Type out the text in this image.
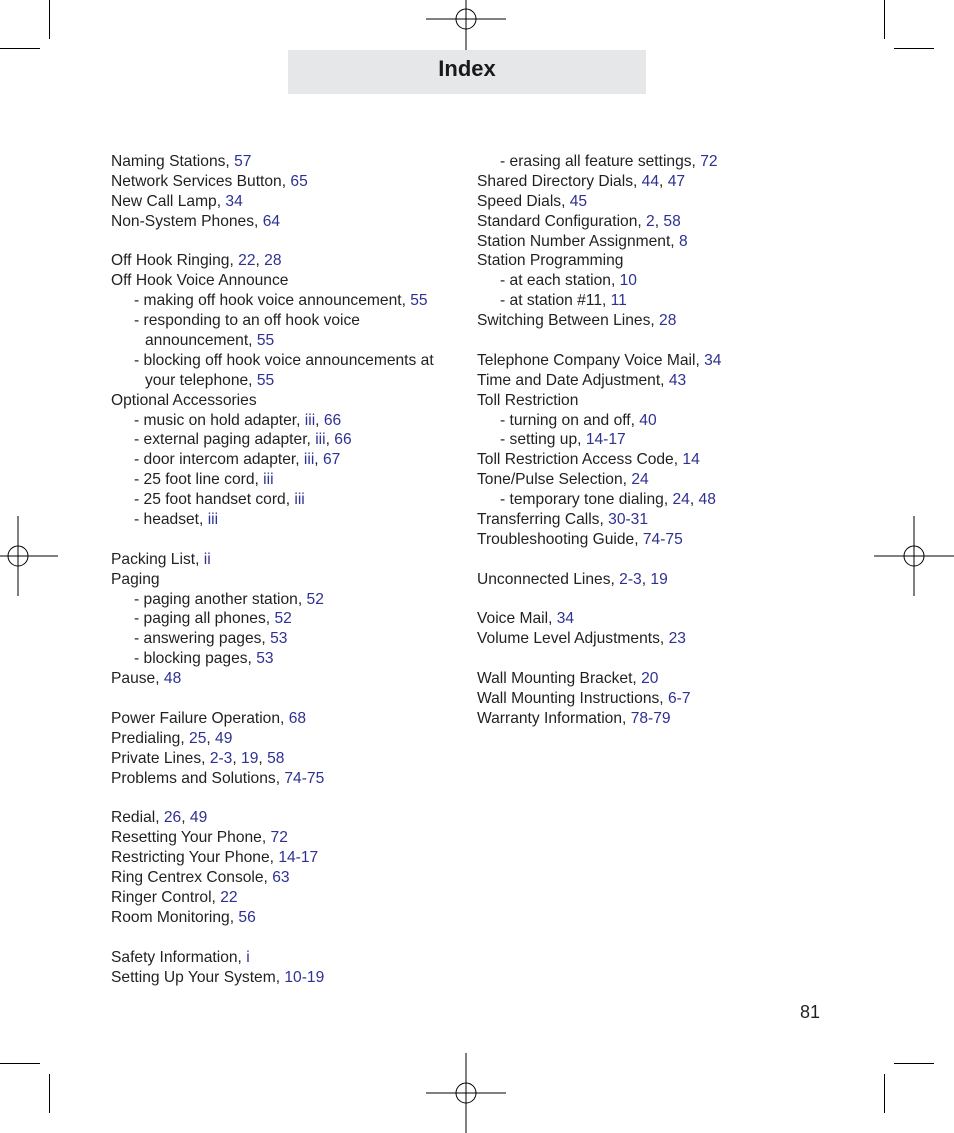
Index
Naming Stations, 57
Network Services Button, 65
New Call Lamp, 34
Non-System Phones, 64
Off Hook Ringing, 22, 28
Off Hook Voice Announce
- making off hook voice announcement, 55
- responding to an off hook voice
announcement, 55
- blocking off hook voice announcements at
your telephone, 55
Optional Accessories
- music on hold adapter, iii, 66
- external paging adapter, iii, 66
- door intercom adapter, iii, 67
- 25 foot line cord, iii
- 25 foot handset cord, iii
- headset, iii
Packing List, ii
Paging
- paging another station, 52
- paging all phones, 52
- answering pages, 53
- blocking pages, 53
Pause, 48
Power Failure Operation, 68
Predialing, 25, 49
Private Lines, 2-3, 19, 58
Problems and Solutions, 74-75
Redial, 26, 49
Resetting Your Phone, 72
Restricting Your Phone, 14-17
Ring Centrex Console, 63
Ringer Control, 22
Room Monitoring, 56
Safety Information, i
Setting Up Your System, 10-19
- erasing all feature settings, 72
Shared Directory Dials, 44, 47
Speed Dials, 45
Standard Configuration, 2, 58
Station Number Assignment, 8
Station Programming
- at each station, 10
- at station #11, 11
Switching Between Lines, 28
Telephone Company Voice Mail, 34
Time and Date Adjustment, 43
Toll Restriction
- turning on and off, 40
- setting up, 14-17
Toll Restriction Access Code, 14
Tone/Pulse Selection, 24
- temporary tone dialing, 24, 48
Transferring Calls, 30-31
Troubleshooting Guide, 74-75
Unconnected Lines, 2-3, 19
Voice Mail, 34
Volume Level Adjustments, 23
Wall Mounting Bracket, 20
Wall Mounting Instructions, 6-7
Warranty Information, 78-79
81
